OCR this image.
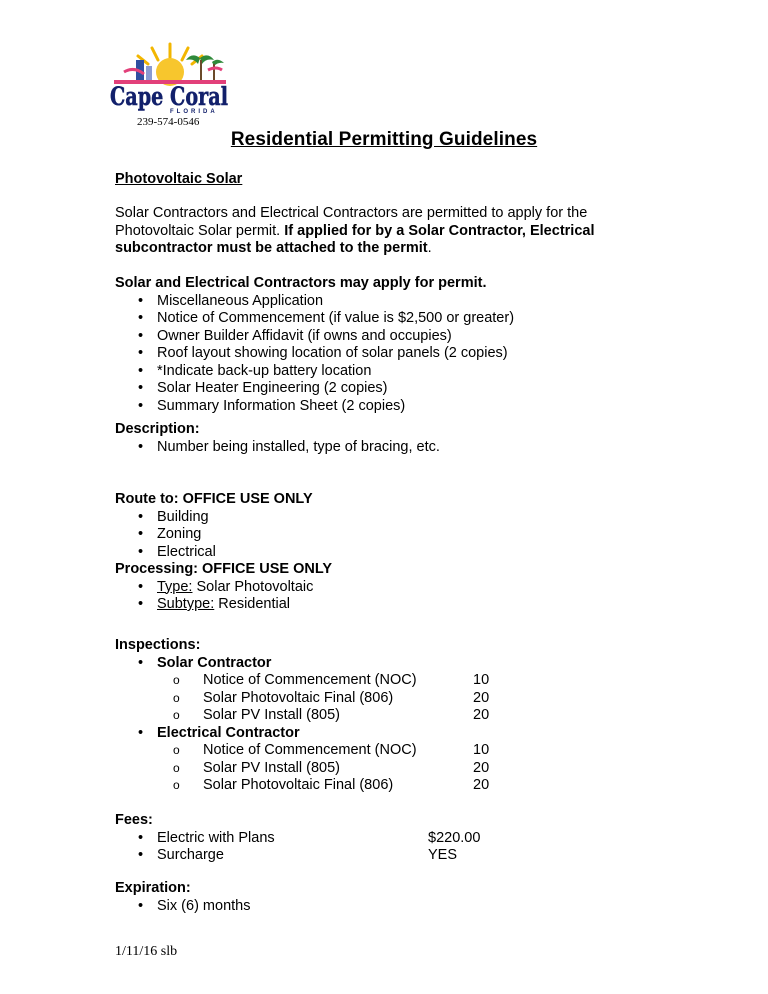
Cape Coral
FLORIDA
239-574-0546
Residential Permitting Guidelines
Photovoltaic Solar
Solar Contractors and Electrical Contractors are permitted to apply for the Photovoltaic Solar permit. If applied for by a Solar Contractor, Electrical subcontractor must be attached to the permit.
Solar and Electrical Contractors may apply for permit.
• Miscellaneous Application
• Notice of Commencement (if value is $2,500 or greater)
• Owner Builder Affidavit (if owns and occupies)
• Roof layout showing location of solar panels (2 copies)
• *Indicate back-up battery location
• Solar Heater Engineering (2 copies)
• Summary Information Sheet (2 copies)
Description:
• Number being installed, type of bracing, etc.
Route to: OFFICE USE ONLY
• Building
• Zoning
• Electrical
Processing: OFFICE USE ONLY
• Type: Solar Photovoltaic
• Subtype: Residential
Inspections:
• Solar Contractor
o Notice of Commencement (NOC)	10
o Solar Photovoltaic Final (806)	20
o Solar PV Install (805)	20
• Electrical Contractor
o Notice of Commencement (NOC)	10
o Solar PV Install (805)	20
o Solar Photovoltaic Final (806)	20
Fees:
• Electric with Plans	$220.00
• Surcharge	YES
Expiration:
• Six (6) months
1/11/16 slb
